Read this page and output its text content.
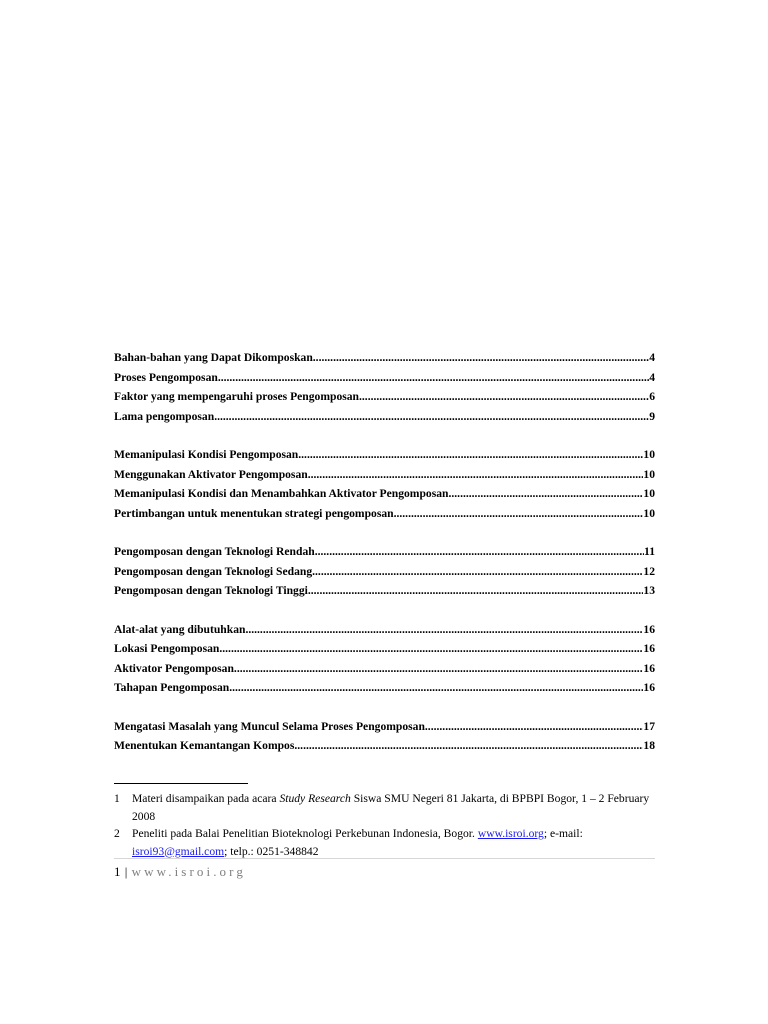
Bahan-bahan yang Dapat Dikomposkan .....	4
Proses Pengomposan .....	4
Faktor yang mempengaruhi proses Pengomposan .....	6
Lama pengomposan .....	9
Memanipulasi Kondisi Pengomposan .....	10
Menggunakan Aktivator Pengomposan .....	10
Memanipulasi Kondisi dan Menambahkan Aktivator Pengomposan .....	10
Pertimbangan untuk menentukan strategi pengomposan .....	10
Pengomposan dengan Teknologi Rendah .....	11
Pengomposan dengan Teknologi Sedang .....	12
Pengomposan dengan Teknologi Tinggi .....	13
Alat-alat yang dibutuhkan .....	16
Lokasi Pengomposan .....	16
Aktivator Pengomposan .....	16
Tahapan Pengomposan .....	16
Mengatasi Masalah yang Muncul Selama Proses Pengomposan .....	17
Menentukan Kemantangan Kompos .....	18
1	Materi disampaikan pada acara Study Research Siswa SMU Negeri 81 Jakarta, di BPBPI Bogor, 1 – 2 February 2008
2	Peneliti pada Balai Penelitian Bioteknologi Perkebunan Indonesia, Bogor. www.isroi.org; e-mail: isroi93@gmail.com; telp.: 0251-348842
1 | www.isroi.org
